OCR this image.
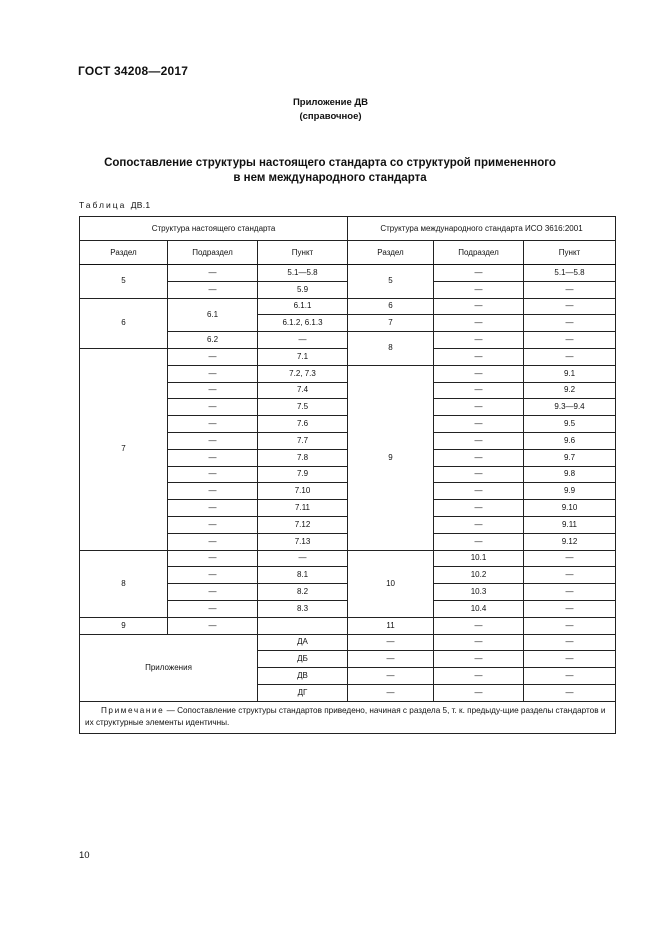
ГОСТ 34208—2017
Приложение ДВ
(справочное)
Сопоставление структуры настоящего стандарта со структурой примененного
в нем международного стандарта
Таблица ДВ.1
Структура настоящего стандарта			Структура международного стандарта ИСО 3616:2001		
Раздел	Подраздел	Пункт	Раздел	Подраздел	Пункт
5	—	5.1—5.8	5	—	5.1—5.8
	—	5.9		—	—
6	6.1	6.1.1	6	—	—
		6.1.2, 6.1.3	7	—	—
	6.2	—	8	—	—
7	—	7.1		—	—
	—	7.2, 7.3	9	—	9.1
	—	7.4		—	9.2
	—	7.5		—	9.3—9.4
	—	7.6		—	9.5
	—	7.7		—	9.6
	—	7.8		—	9.7
	—	7.9		—	9.8
	—	7.10		—	9.9
	—	7.11		—	9.10
	—	7.12		—	9.11
	—	7.13		—	9.12
8	—	—	10	10.1	—
	—	8.1		10.2	—
	—	8.2		10.3	—
	—	8.3		10.4	—
9	—		11	—	—
Приложения		ДА	—	—	—
		ДБ	—	—	—
		ДВ	—	—	—
		ДГ	—	—	—
Примечание — Сопоставление структуры стандартов приведено, начиная с раздела 5, т. к. предыду-щие разделы стандартов и их структурные элементы идентичны.					
10
